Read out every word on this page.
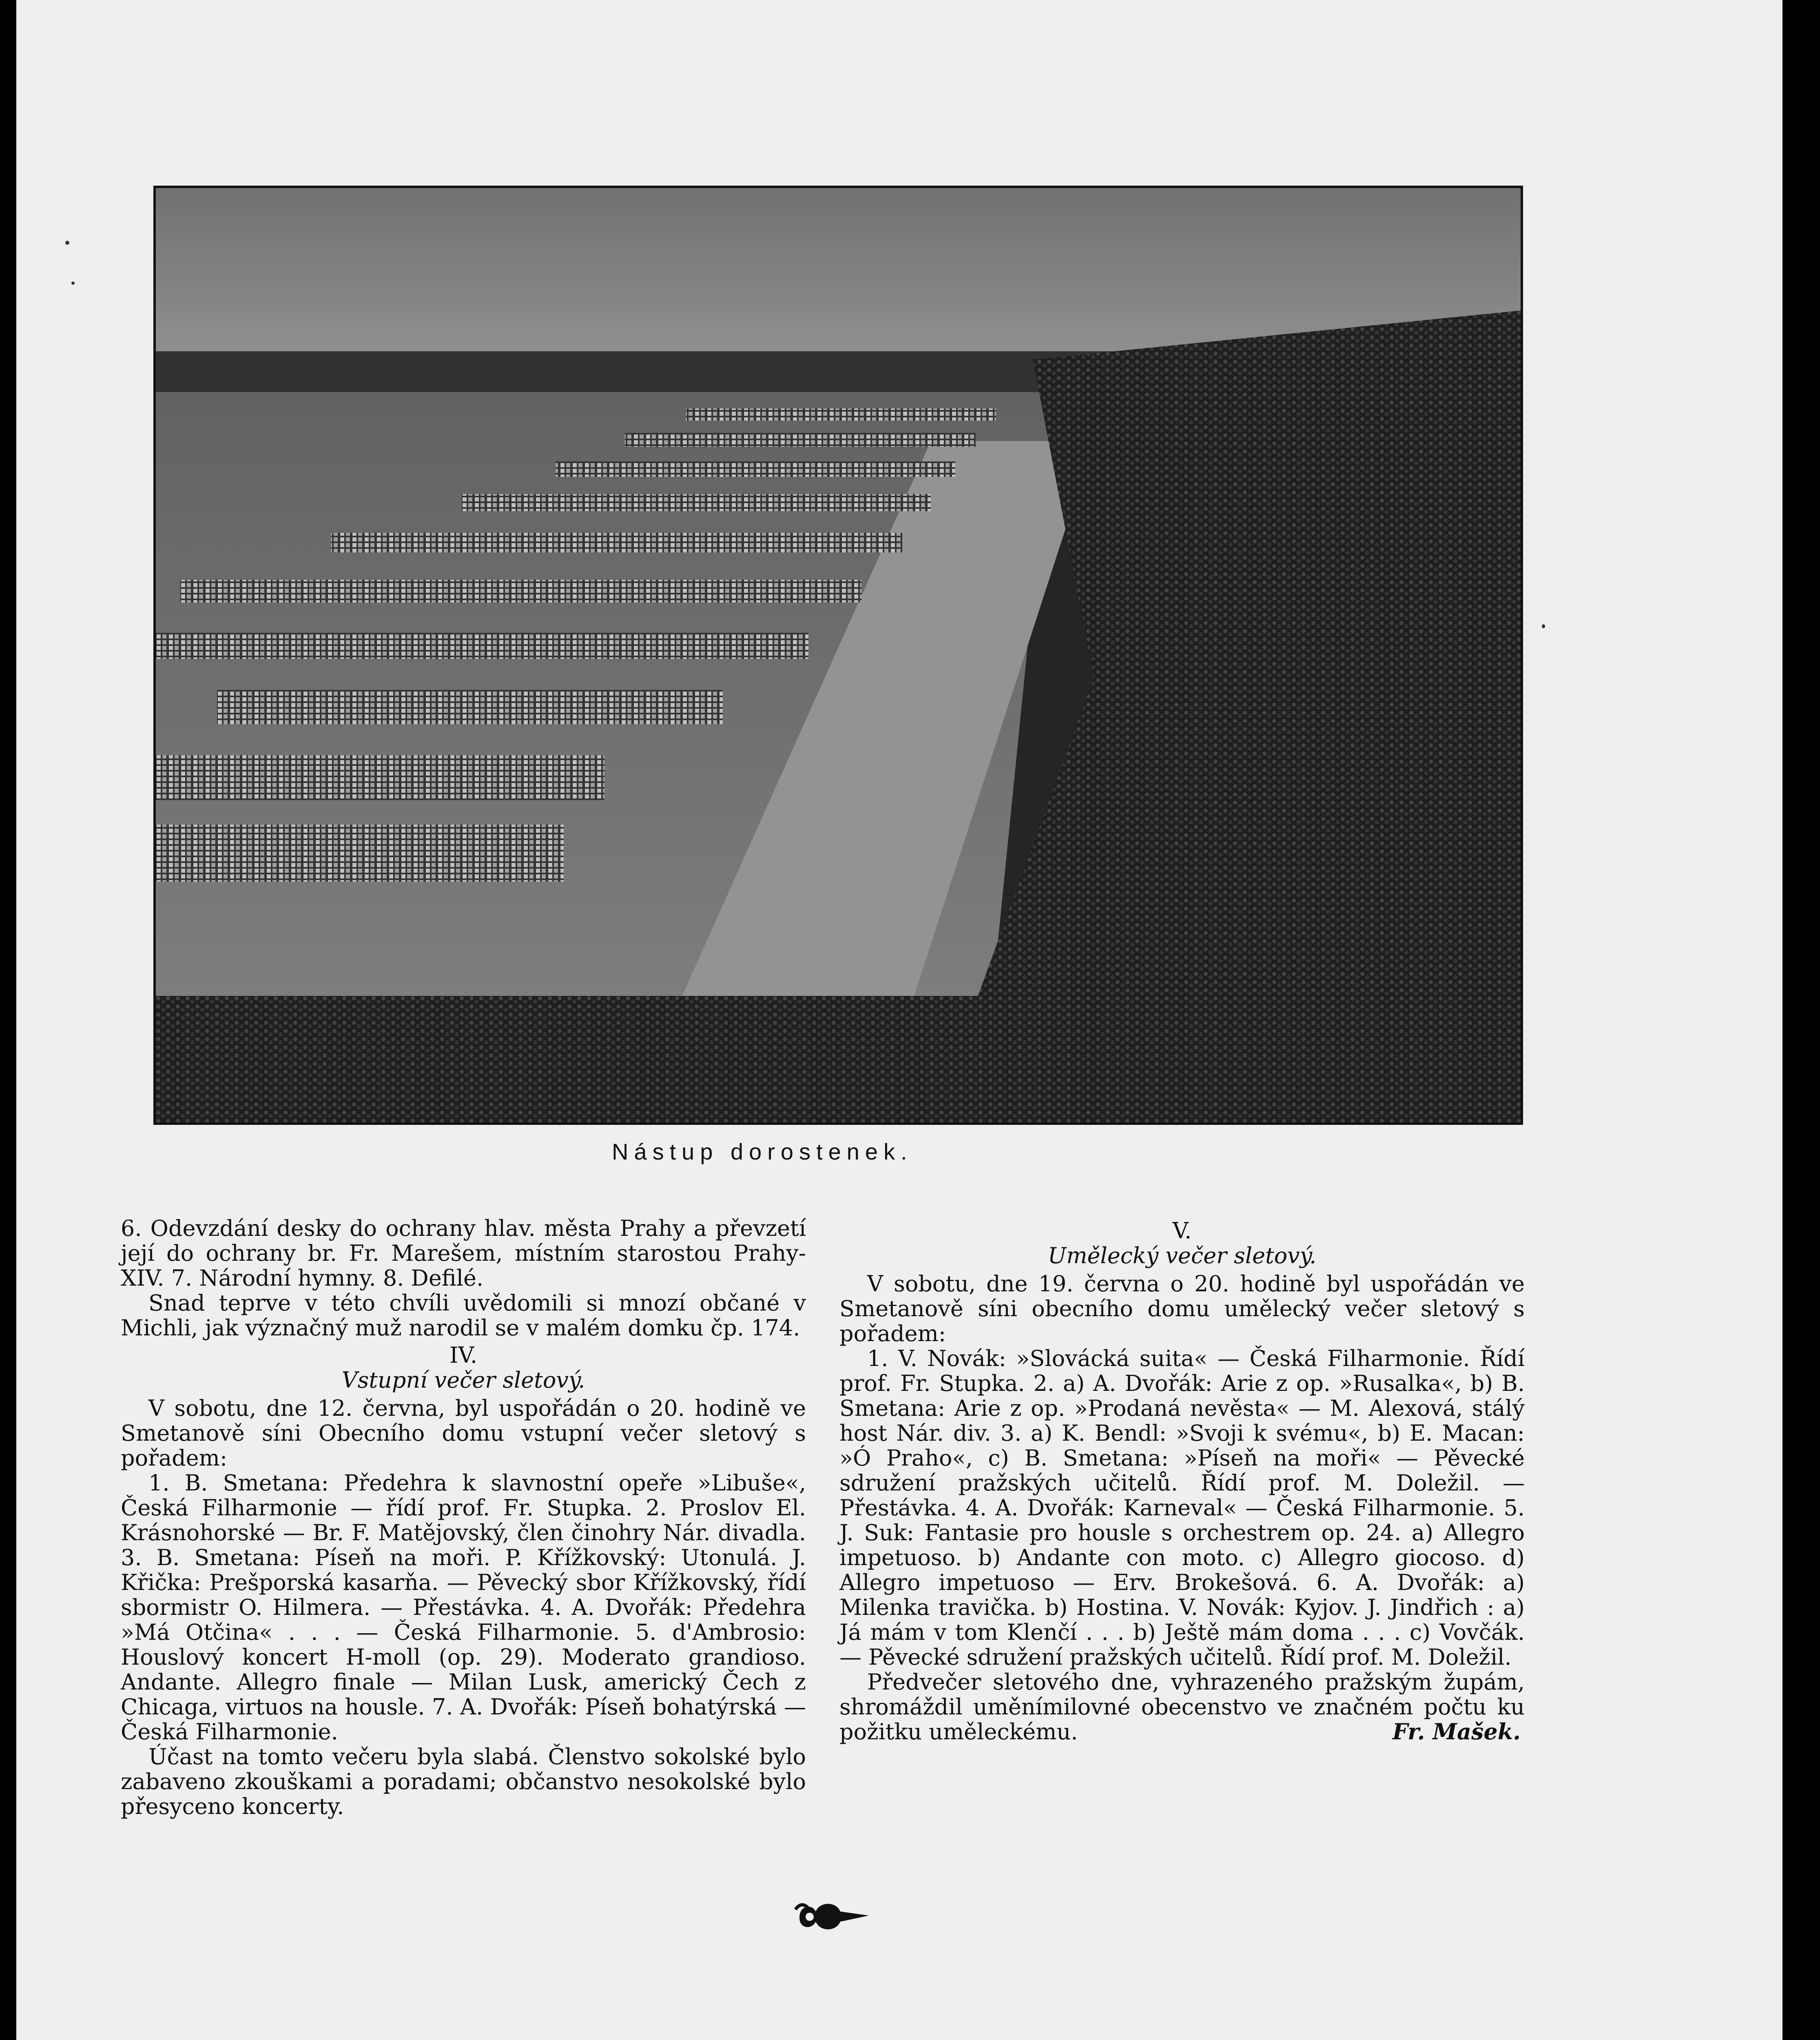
Nástup dorostenek.

6. Odevzdání desky do ochrany hlav. města Prahy a převzetí její do ochrany br. Fr. Marešem, místním starostou Prahy-XIV. 7. Národní hymny. 8. Defilé.

Snad teprve v této chvíli uvědomili si mnozí občané v Michli, jak význačný muž narodil se v malém domku čp. 174.

IV.

Vstupní večer sletový.

V sobotu, dne 12. června, byl uspořádán o 20. hodině ve Smetanově síni Obecního domu vstupní večer sletový s pořadem:

1. B. Smetana: Předehra k slavnostní opeře »Libuše«, Česká Filharmonie — řídí prof. Fr. Stupka. 2. Proslov El. Krásnohorské — Br. F. Matějovský, člen činohry Nár. divadla. 3. B. Smetana: Píseň na moři. P. Křížkovský: Utonulá. J. Křička: Prešporská kasarňa. — Pěvecký sbor Křížkovský, řídí sbormistr O. Hilmera. — Přestávka. 4. A. Dvořák: Předehra »Má Otčina« . . . — Česká Filharmonie. 5. d'Ambrosio: Houslový koncert H-moll (op. 29). Moderato grandioso. Andante. Allegro finale — Milan Lusk, americký Čech z Chicaga, virtuos na housle. 7. A. Dvořák: Píseň bohatýrská — Česká Filharmonie.

Účast na tomto večeru byla slabá. Členstvo sokolské bylo zabaveno zkouškami a poradami; občanstvo nesokolské bylo přesyceno koncerty.

V.

Umělecký večer sletový.

V sobotu, dne 19. června o 20. hodině byl uspořádán ve Smetanově síni obecního domu umělecký večer sletový s pořadem:

1. V. Novák: »Slovácká suita« — Česká Filharmonie. Řídí prof. Fr. Stupka. 2. a) A. Dvořák: Arie z op. »Rusalka«, b) B. Smetana: Arie z op. »Prodaná nevěsta« — M. Alexová, stálý host Nár. div. 3. a) K. Bendl: »Svoji k svému«, b) E. Macan: »Ó Praho«, c) B. Smetana: »Píseň na moři« — Pěvecké sdružení pražských učitelů. Řídí prof. M. Doležil. — Přestávka. 4. A. Dvořák: Karneval« — Česká Filharmonie. 5. J. Suk: Fantasie pro housle s orchestrem op. 24. a) Allegro impetuoso. b) Andante con moto. c) Allegro giocoso. d) Allegro impetuoso — Erv. Brokešová. 6. A. Dvořák: a) Milenka travička. b) Hostina. V. Novák: Kyjov. J. Jindřich : a) Já mám v tom Klenčí . . . b) Ještě mám doma . . . c) Vovčák. — Pěvecké sdružení pražských učitelů. Řídí prof. M. Doležil.

Předvečer sletového dne, vyhrazeného pražským župám, shromáždil uměnímilovné obecenstvo ve značném počtu ku požitku uměleckému.	Fr. Mašek.
